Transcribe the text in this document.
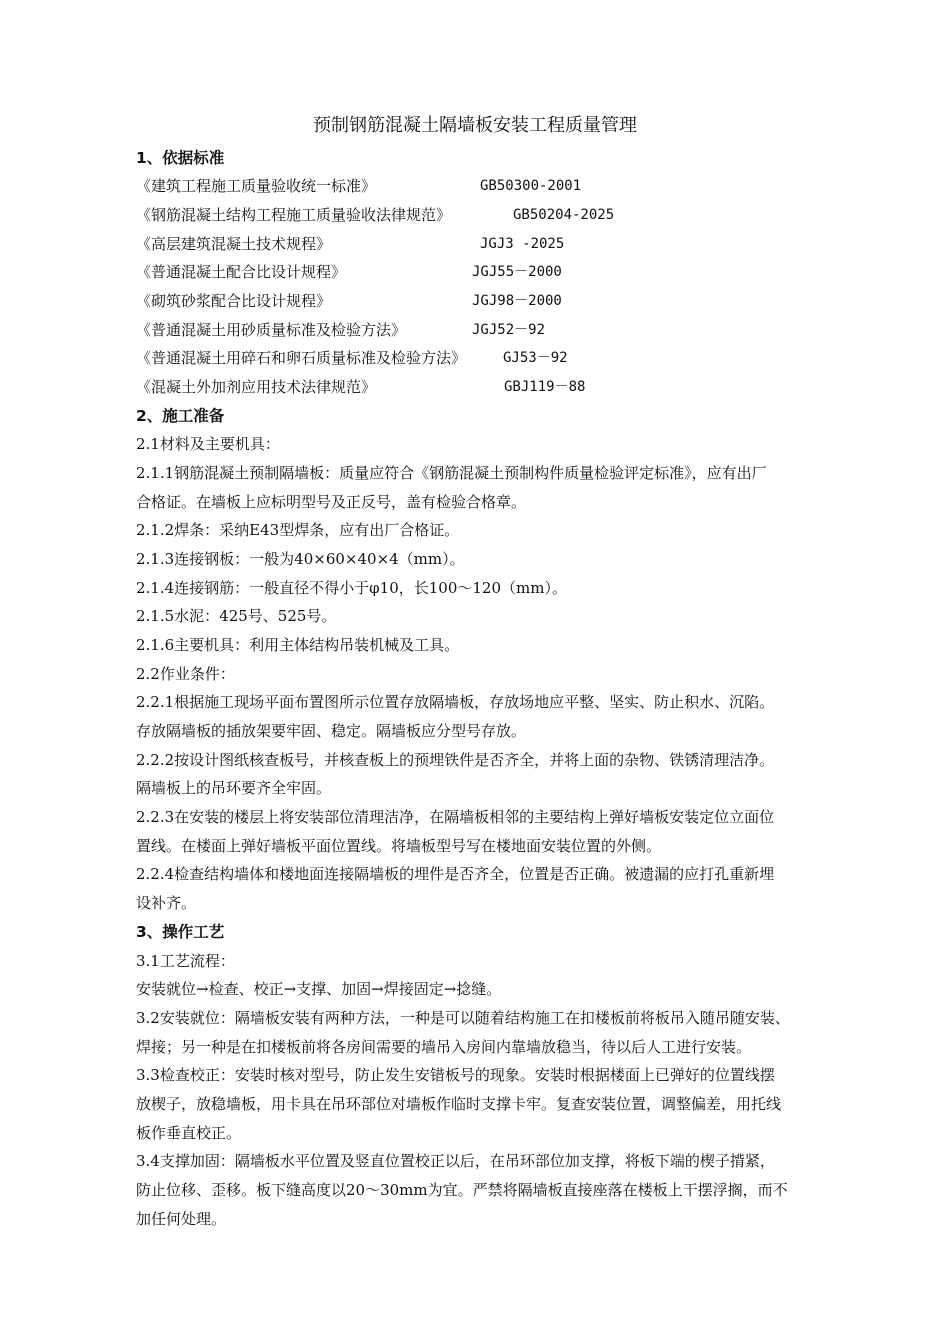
预制钢筋混凝土隔墙板安装工程质量管理
1、依据标准
《建筑工程施工质量验收统一标准》	GB50300-2001
《钢筋混凝土结构工程施工质量验收法律规范》	GB50204-2025
《高层建筑混凝土技术规程》	JGJ3 -2025
《普通混凝土配合比设计规程》	JGJ55－2000
《砌筑砂浆配合比设计规程》	JGJ98－2000
《普通混凝土用砂质量标准及检验方法》	JGJ52－92
《普通混凝土用碎石和卵石质量标准及检验方法》	GJ53－92
《混凝土外加剂应用技术法律规范》	GBJ119－88
2、施工准备
2.1材料及主要机具：
2.1.1钢筋混凝土预制隔墙板：质量应符合《钢筋混凝土预制构件质量检验评定标准》，应有出厂
合格证。在墙板上应标明型号及正反号，盖有检验合格章。
2.1.2焊条：采纳E43型焊条，应有出厂合格证。
2.1.3连接钢板：一般为40×60×40×4（mm）。
2.1.4连接钢筋：一般直径不得小于φ10，长100～120（mm）。
2.1.5水泥：425号、525号。
2.1.6主要机具：利用主体结构吊装机械及工具。
2.2作业条件：
2.2.1根据施工现场平面布置图所示位置存放隔墙板，存放场地应平整、坚实、防止积水、沉陷。
存放隔墙板的插放架要牢固、稳定。隔墙板应分型号存放。
2.2.2按设计图纸核查板号，并核查板上的预埋铁件是否齐全，并将上面的杂物、铁锈清理洁净。
隔墙板上的吊环要齐全牢固。
2.2.3在安装的楼层上将安装部位清理洁净，在隔墙板相邻的主要结构上弹好墙板安装定位立面位
置线。在楼面上弹好墙板平面位置线。将墙板型号写在楼地面安装位置的外侧。
2.2.4检查结构墙体和楼地面连接隔墙板的埋件是否齐全，位置是否正确。被遗漏的应打孔重新埋
设补齐。
3、操作工艺
3.1工艺流程：
安装就位→检查、校正→支撑、加固→焊接固定→捻缝。
3.2安装就位：隔墙板安装有两种方法，一种是可以随着结构施工在扣楼板前将板吊入随吊随安装、
焊接；另一种是在扣楼板前将各房间需要的墙吊入房间内靠墙放稳当，待以后人工进行安装。
3.3检查校正：安装时核对型号，防止发生安错板号的现象。安装时根据楼面上已弹好的位置线摆
放楔子，放稳墙板，用卡具在吊环部位对墙板作临时支撑卡牢。复查安装位置，调整偏差，用托线
板作垂直校正。
3.4支撑加固：隔墙板水平位置及竖直位置校正以后，在吊环部位加支撑，将板下端的楔子揹紧，
防止位移、歪移。板下缝高度以20～30mm为宜。严禁将隔墙板直接座落在楼板上干摆浮搁，而不
加任何处理。
